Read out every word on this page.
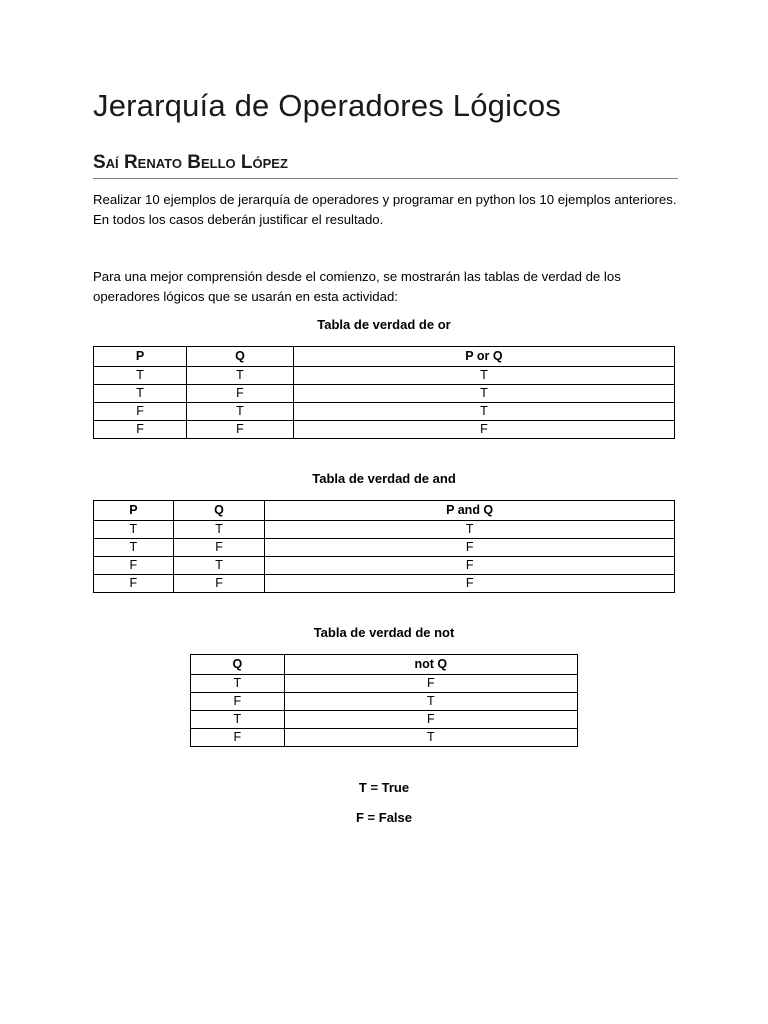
Jerarquía de Operadores Lógicos
Saí Renato Bello López

Realizar 10 ejemplos de jerarquía de operadores y programar en python los 10 ejemplos anteriores. En todos los casos deberán justificar el resultado.

Para una mejor comprensión desde el comienzo, se mostrarán las tablas de verdad de los operadores lógicos que se usarán en esta actividad:

Tabla de verdad de or

P	Q	P or Q
T	T	T
T	F	T
F	T	T
F	F	F

Tabla de verdad de and

P	Q	P and Q
T	T	T
T	F	F
F	T	F
F	F	F

Tabla de verdad de not

Q	not Q
T	F
F	T
T	F
F	T

T = True

F = False
